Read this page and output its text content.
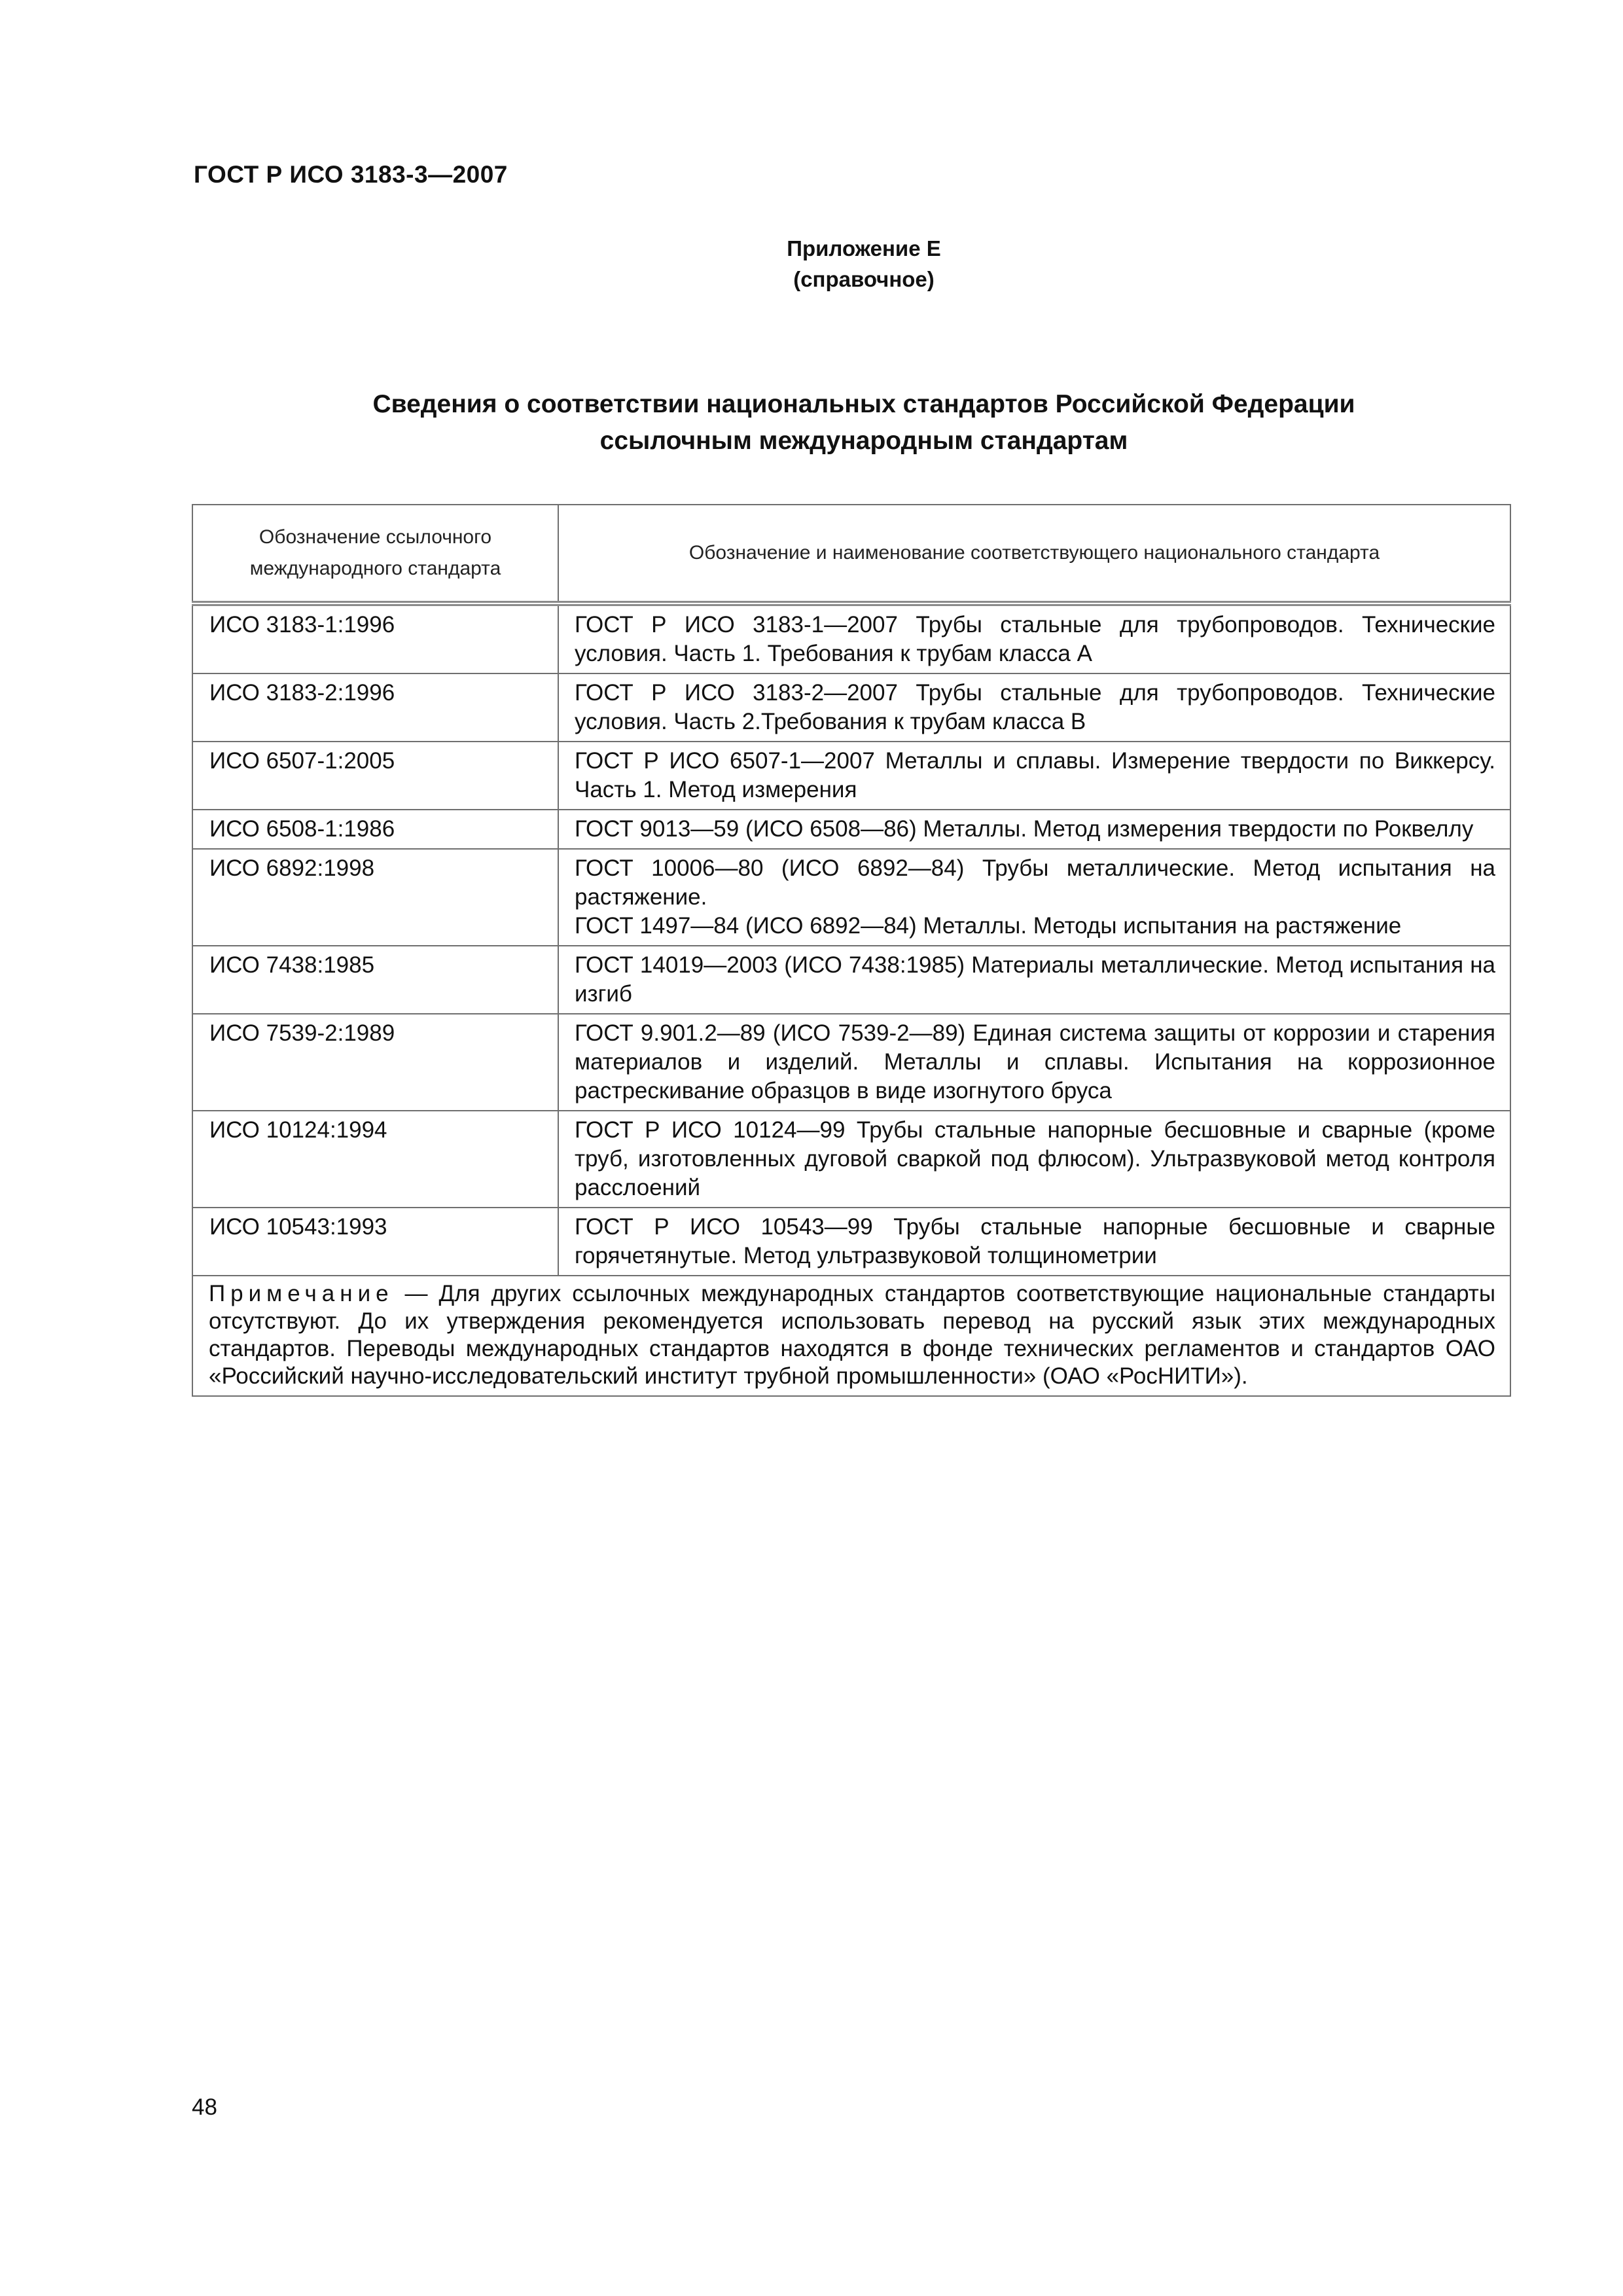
ГОСТ Р ИСО 3183-3—2007
Приложение Е
(справочное)
Сведения о соответствии национальных стандартов Российской Федерации
ссылочным международным стандартам
Обозначение ссылочного международного стандарта	Обозначение и наименование соответствующего национального стандарта
ИСО 3183-1:1996	ГОСТ Р ИСО 3183-1—2007 Трубы стальные для трубопроводов. Технические условия. Часть 1. Требования к трубам класса А

ИСО 3183-2:1996	ГОСТ Р ИСО 3183-2—2007 Трубы стальные для трубопроводов. Технические условия. Часть 2.Требования к трубам класса В

ИСО 6507-1:2005	ГОСТ Р ИСО 6507-1—2007 Металлы и сплавы. Измерение твердости по Виккерсу. Часть 1. Метод измерения

ИСО 6508-1:1986	ГОСТ 9013—59 (ИСО 6508—86) Металлы. Метод измерения твердости по Роквеллу

ИСО 6892:1998	ГОСТ 10006—80 (ИСО 6892—84) Трубы металлические. Метод испытания на растяжение.
ГОСТ 1497—84 (ИСО 6892—84) Металлы. Методы испытания на растяжение

ИСО 7438:1985	ГОСТ 14019—2003 (ИСО 7438:1985) Материалы металлические. Метод испытания на изгиб

ИСО 7539-2:1989	ГОСТ 9.901.2—89 (ИСО 7539-2—89) Единая система защиты от коррозии и старения материалов и изделий. Металлы и сплавы. Испытания на коррозионное растрескивание образцов в виде изогнутого бруса

ИСО 10124:1994	ГОСТ Р ИСО 10124—99 Трубы стальные напорные бесшовные и сварные (кроме труб, изготовленных дуговой сваркой под флюсом). Ультразвуковой метод контроля расслоений

ИСО 10543:1993	ГОСТ Р ИСО 10543—99 Трубы стальные напорные бесшовные и сварные горячетянутые. Метод ультразвуковой толщинометрии

Примечание — Для других ссылочных международных стандартов соответствующие национальные стандарты отсутствуют. До их утверждения рекомендуется использовать перевод на русский язык этих международных стандартов. Переводы международных стандартов находятся в фонде технических регламентов и стандартов ОАО «Российский научно-исследовательский институт трубной промышленности» (ОАО «РосНИТИ»).	
48
